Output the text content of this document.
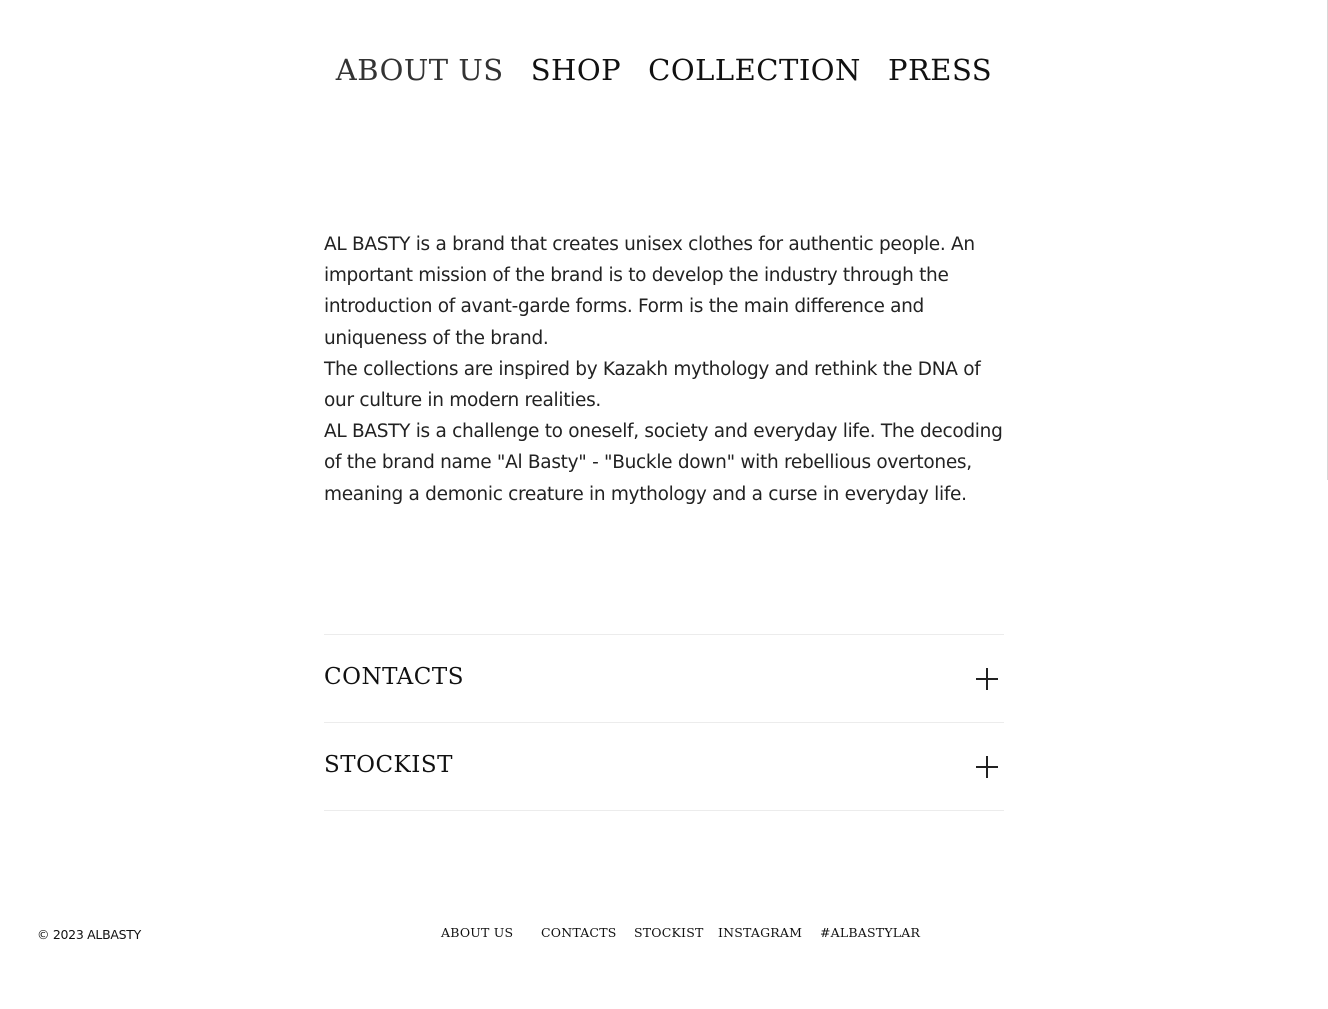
ABOUT US SHOP COLLECTION PRESS

AL BASTY is a brand that creates unisex clothes for authentic people. An important mission of the brand is to develop the industry through the introduction of avant-garde forms. Form is the main difference and uniqueness of the brand.

The collections are inspired by Kazakh mythology and rethink the DNA of our culture in modern realities.

AL BASTY is a challenge to oneself, society and everyday life. The decoding of the brand name "Al Basty" - "Buckle down" with rebellious overtones, meaning a demonic creature in mythology and a curse in everyday life.

CONTACTS
STOCKIST
© 2023 ALBASTY	ABOUT US CONTACTS STOCKIST INSTAGRAM #ALBASTYLAR
